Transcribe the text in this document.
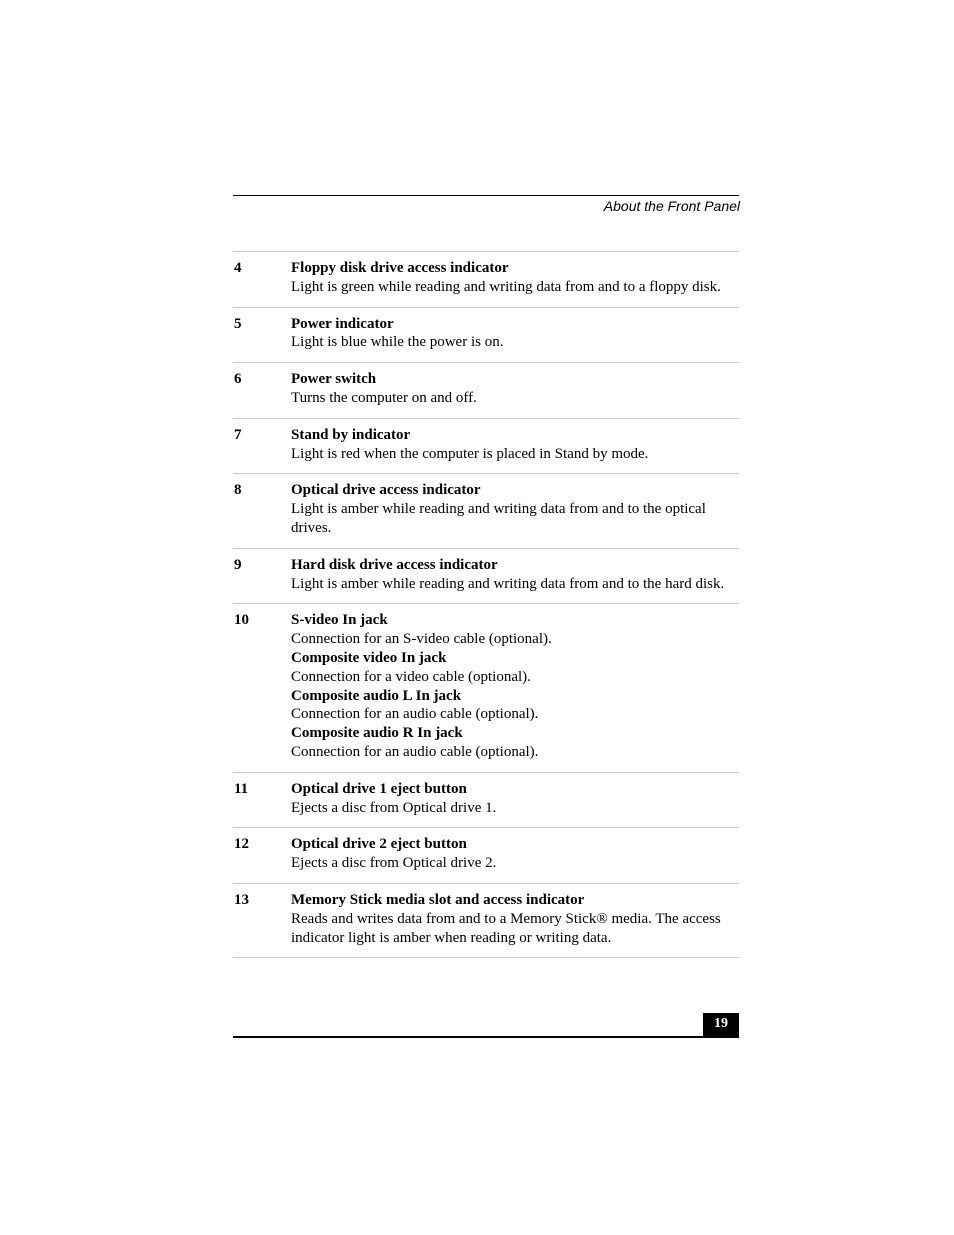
About the Front Panel
4	Floppy disk drive access indicator
Light is green while reading and writing data from and to a floppy disk.
5	Power indicator
Light is blue while the power is on.
6	Power switch
Turns the computer on and off.
7	Stand by indicator
Light is red when the computer is placed in Stand by mode.
8	Optical drive access indicator
Light is amber while reading and writing data from and to the optical drives.
9	Hard disk drive access indicator
Light is amber while reading and writing data from and to the hard disk.
10	S-video In jack
Connection for an S-video cable (optional).
Composite video In jack
Connection for a video cable (optional).
Composite audio L In jack
Connection for an audio cable (optional).
Composite audio R In jack
Connection for an audio cable (optional).
11	Optical drive 1 eject button
Ejects a disc from Optical drive 1.
12	Optical drive 2 eject button
Ejects a disc from Optical drive 2.
13	Memory Stick media slot and access indicator
Reads and writes data from and to a Memory Stick® media. The access indicator light is amber when reading or writing data.
19
